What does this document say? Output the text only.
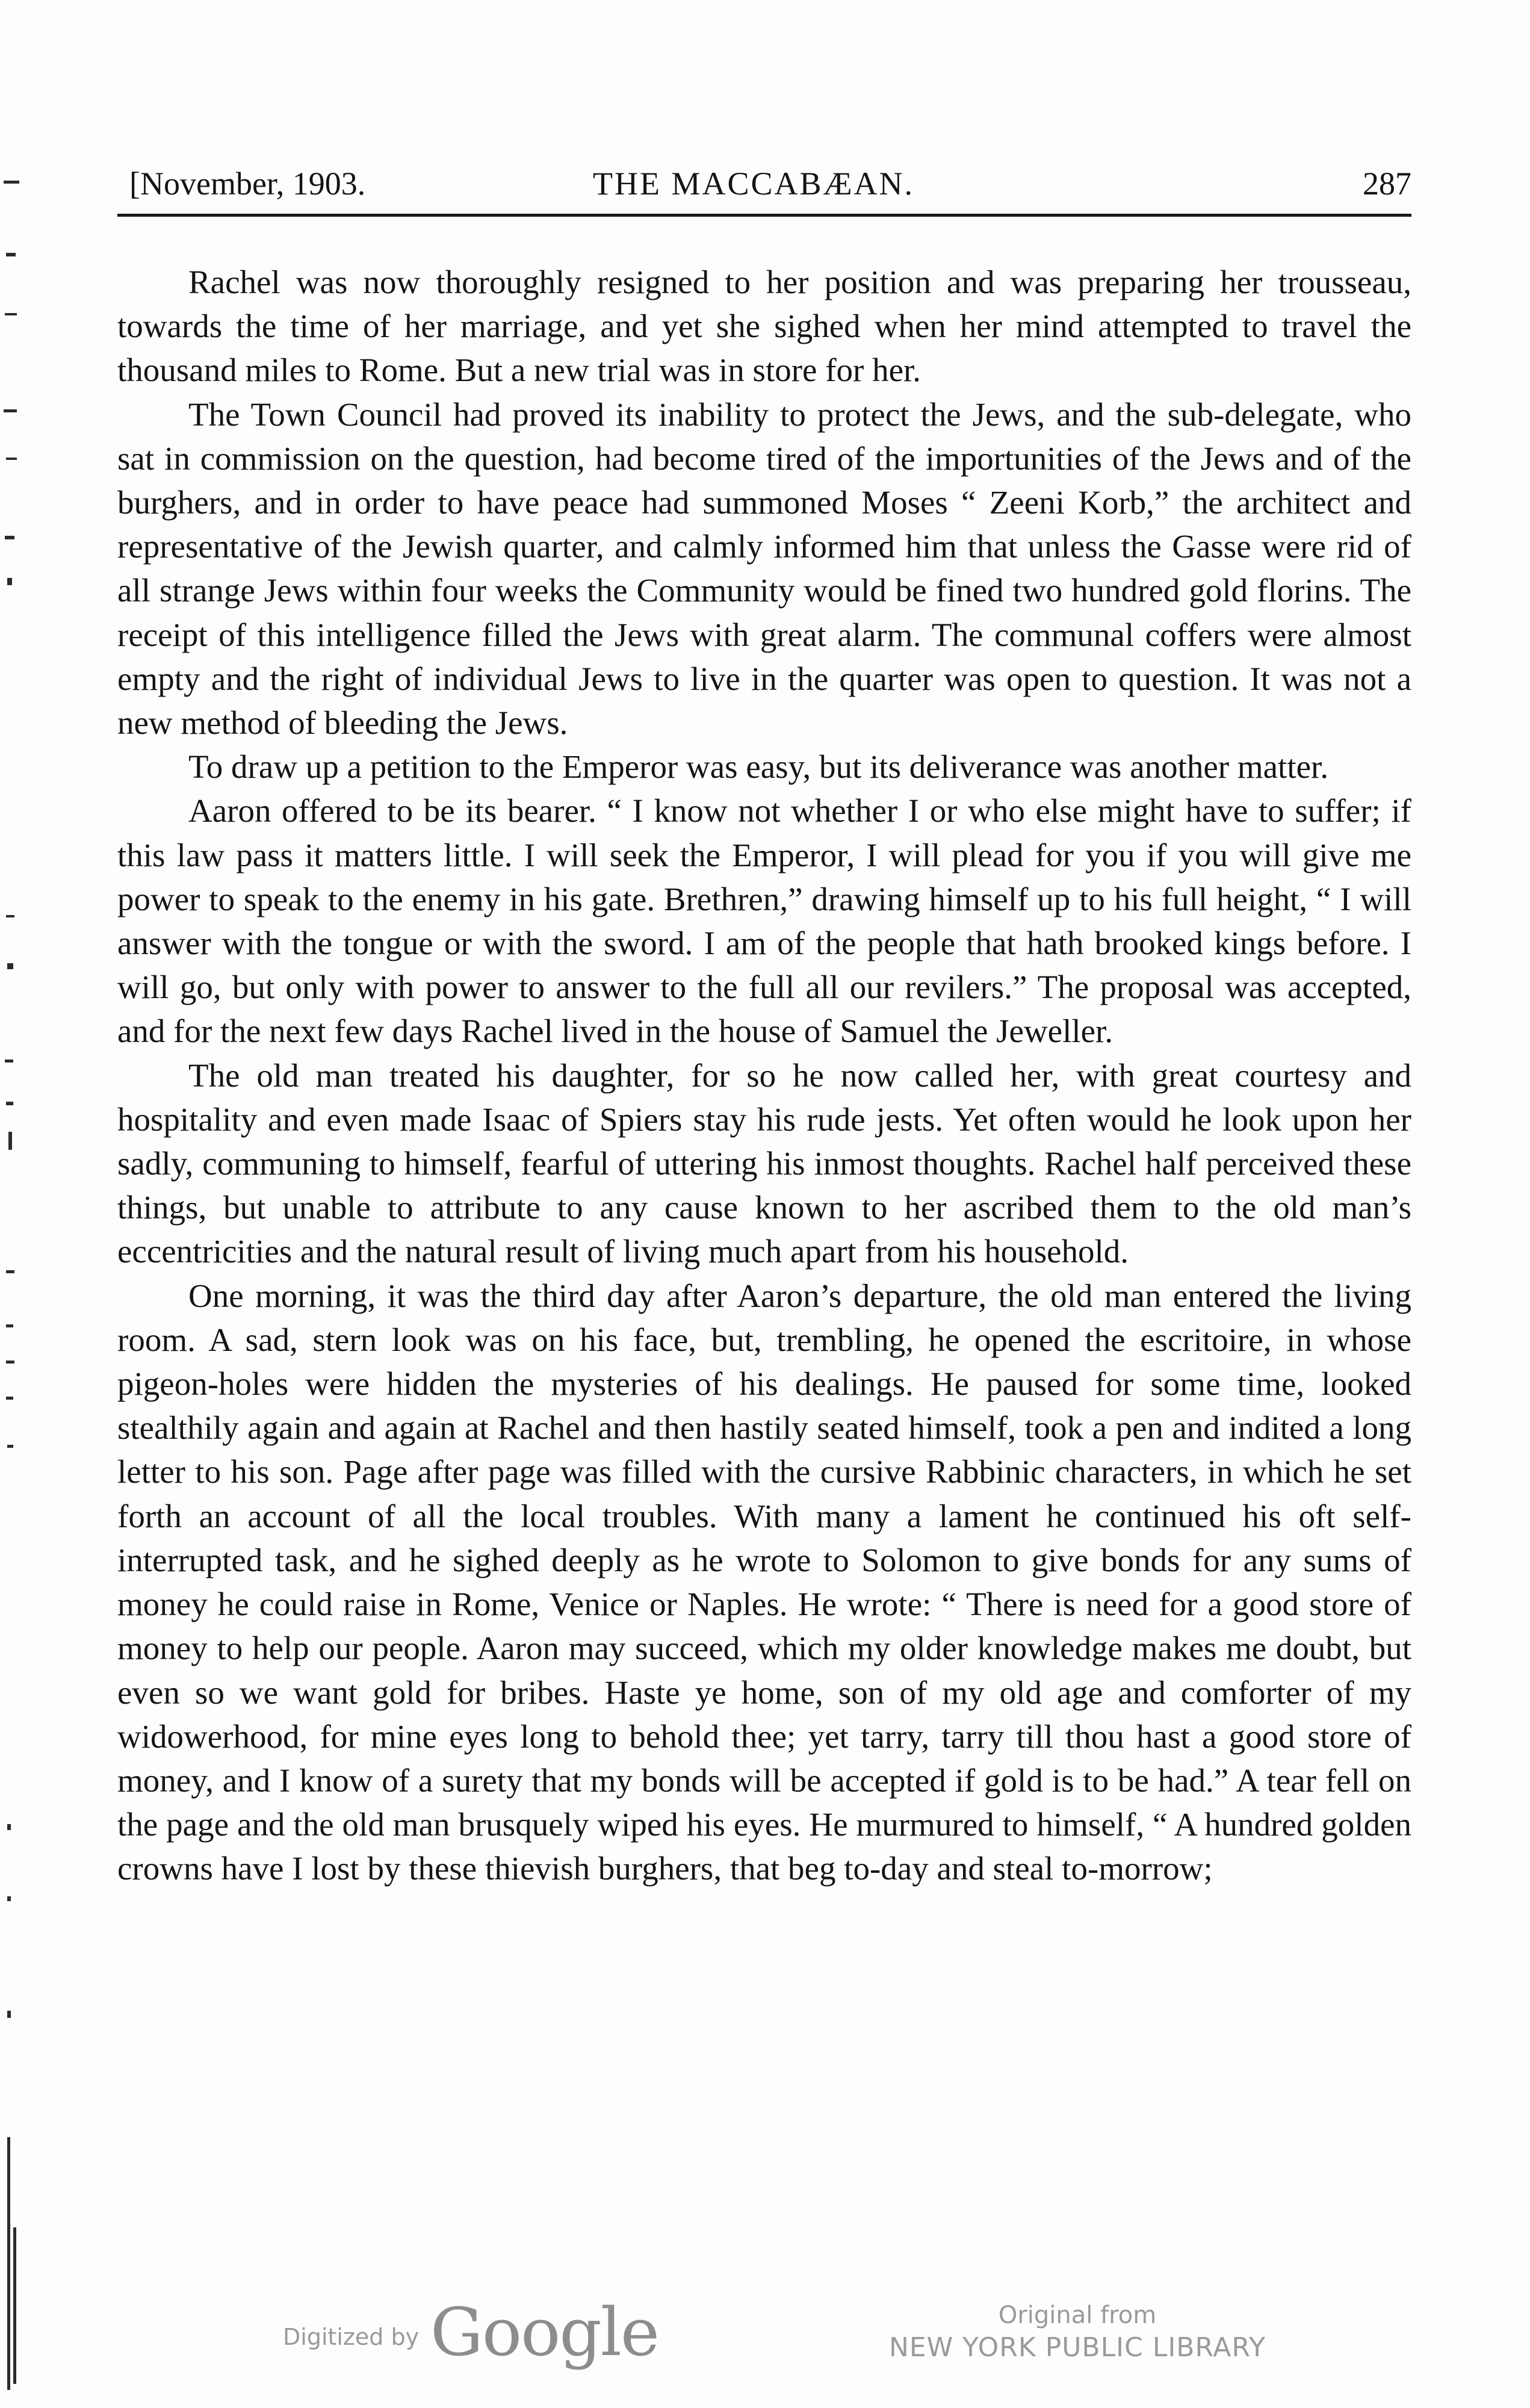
[November, 1903.	THE MACCABÆAN.	287

Rachel was now thoroughly resigned to her position and was preparing her trousseau, towards the time of her marriage, and yet she sighed when her mind attempted to travel the thousand miles to Rome. But a new trial was in store for her.

The Town Council had proved its inability to protect the Jews, and the sub-delegate, who sat in commission on the question, had become tired of the importunities of the Jews and of the burghers, and in order to have peace had summoned Moses “ Zeeni Korb,” the architect and representative of the Jewish quarter, and calmly informed him that unless the Gasse were rid of all strange Jews within four weeks the Community would be fined two hundred gold florins. The receipt of this intelligence filled the Jews with great alarm. The communal coffers were almost empty and the right of individual Jews to live in the quarter was open to question. It was not a new method of bleeding the Jews.

To draw up a petition to the Emperor was easy, but its deliverance was another matter.

Aaron offered to be its bearer. “ I know not whether I or who else might have to suffer; if this law pass it matters little. I will seek the Emperor, I will plead for you if you will give me power to speak to the enemy in his gate. Brethren,” drawing himself up to his full height, “ I will answer with the tongue or with the sword. I am of the people that hath brooked kings before. I will go, but only with power to answer to the full all our revilers.” The proposal was accepted, and for the next few days Rachel lived in the house of Samuel the Jeweller.

The old man treated his daughter, for so he now called her, with great courtesy and hospitality and even made Isaac of Spiers stay his rude jests. Yet often would he look upon her sadly, communing to himself, fearful of uttering his inmost thoughts. Rachel half perceived these things, but unable to attribute to any cause known to her ascribed them to the old man’s eccentricities and the natural result of living much apart from his household.

One morning, it was the third day after Aaron’s departure, the old man entered the living room. A sad, stern look was on his face, but, trembling, he opened the escritoire, in whose pigeon-holes were hidden the mysteries of his dealings. He paused for some time, looked stealthily again and again at Rachel and then hastily seated himself, took a pen and indited a long letter to his son. Page after page was filled with the cursive Rabbinic characters, in which he set forth an account of all the local troubles. With many a lament he continued his oft self-interrupted task, and he sighed deeply as he wrote to Solomon to give bonds for any sums of money he could raise in Rome, Venice or Naples. He wrote: “ There is need for a good store of money to help our people. Aaron may succeed, which my older knowledge makes me doubt, but even so we want gold for bribes. Haste ye home, son of my old age and comforter of my widowerhood, for mine eyes long to behold thee; yet tarry, tarry till thou hast a good store of money, and I know of a surety that my bonds will be accepted if gold is to be had.” A tear fell on the page and the old man brusquely wiped his eyes. He murmured to himself, “ A hundred golden crowns have I lost by these thievish burghers, that beg to-day and steal to-morrow;

Digitized by Google	Original from
NEW YORK PUBLIC LIBRARY
